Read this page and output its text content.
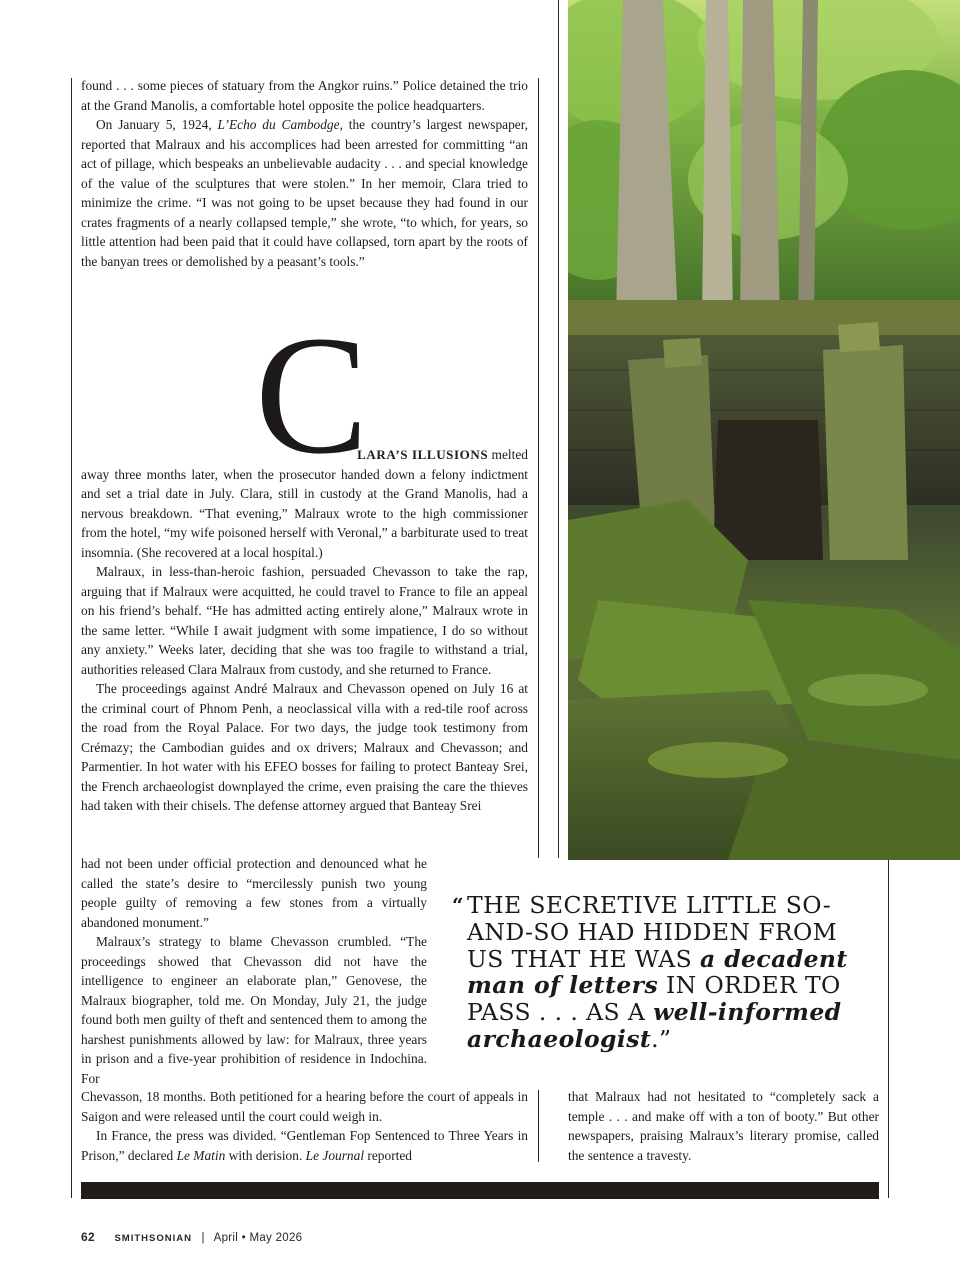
found . . . some pieces of statuary from the Angkor ruins.” Police detained the trio at the Grand Manolis, a comfortable hotel opposite the police headquarters.

On January 5, 1924, L’Echo du Cambodge, the country’s largest newspaper, reported that Malraux and his accomplices had been arrested for committing “an act of pillage, which bespeaks an unbelievable audacity . . . and special knowledge of the value of the sculptures that were stolen.” In her memoir, Clara tried to minimize the crime. “I was not going to be upset because they had found in our crates fragments of a nearly collapsed temple,” she wrote, “to which, for years, so little attention had been paid that it could have collapsed, torn apart by the roots of the banyan trees or demolished by a peasant’s tools.”

C

LARA’S ILLUSIONS melted

away three months later, when the prosecutor handed down a felony indictment and set a trial date in July. Clara, still in custody at the Grand Manolis, had a nervous breakdown. “That evening,” Malraux wrote to the high commissioner from the hotel, “my wife poisoned herself with Veronal,” a barbiturate used to treat insomnia. (She recovered at a local hospital.)

Malraux, in less-than-heroic fashion, persuaded Chevasson to take the rap, arguing that if Malraux were acquitted, he could travel to France to file an appeal on his friend’s behalf. “He has admitted acting entirely alone,” Malraux wrote in the same letter. “While I await judgment with some impatience, I do so without any anxiety.” Weeks later, deciding that she was too fragile to withstand a trial, authorities released Clara Malraux from custody, and she returned to France.

The proceedings against André Malraux and Chevasson opened on July 16 at the criminal court of Phnom Penh, a neoclassical villa with a red-tile roof across the road from the Royal Palace. For two days, the judge took testimony from Crémazy; the Cambodian guides and ox drivers; Malraux and Chevasson; and Parmentier. In hot water with his EFEO bosses for failing to protect Banteay Srei, the French archaeologist downplayed the crime, even praising the care the thieves had taken with their chisels. The defense attorney argued that Banteay Srei

had not been under official protection and denounced what he called the state’s desire to “mercilessly punish two young people guilty of removing a few stones from a virtually abandoned monument.”

Malraux’s strategy to blame Chevasson crumbled. “The proceedings showed that Chevasson did not have the intelligence to engineer an elaborate plan,” Genovese, the Malraux biographer, told me. On Monday, July 21, the judge found both men guilty of theft and sentenced them to among the harshest punishments allowed by law: for Malraux, three years in prison and a five-year prohibition of residence in Indochina. For

Chevasson, 18 months. Both petitioned for a hearing before the court of appeals in Saigon and were released until the court could weigh in.

In France, the press was divided. “Gentleman Fop Sentenced to Three Years in Prison,” declared Le Matin with derision. Le Journal reported

that Malraux had not hesitated to “completely sack a temple . . . and make off with a ton of booty.” But other newspapers, praising Malraux’s literary promise, called the sentence a travesty.

“ THE SECRETIVE LITTLE SO-AND-SO HAD HIDDEN FROM US THAT HE WAS a decadent man of letters IN ORDER TO PASS . . . AS A well-informed archaeologist.”
62 SMITHSONIAN | April • May 2026
